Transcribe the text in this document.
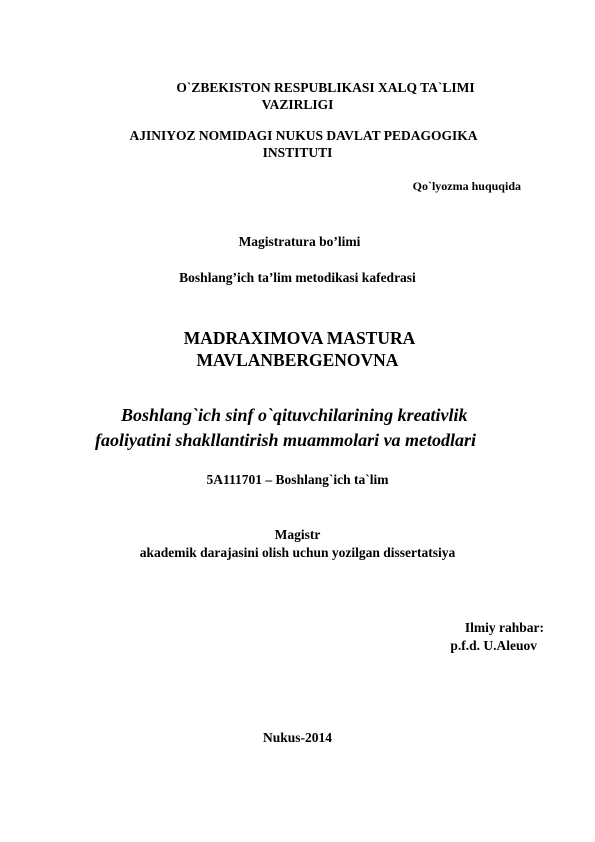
O`ZBEKISTON RESPUBLIKASI XALQ TA`LIMI
VAZIRLIGI
AJINIYOZ NOMIDAGI NUKUS DAVLAT PEDAGOGIKA
INSTITUTI
Qo`lyozma huquqida
Magistratura bo’limi
Boshlang’ich ta’lim metodikasi kafedrasi
MADRAXIMOVA MASTURA
MAVLANBERGENOVNA
Boshlang`ich sinf o`qituvchilarining kreativlik
faoliyatini shakllantirish muammolari va metodlari
5A111701 – Boshlang`ich ta`lim
Magistr
akademik darajasini olish uchun yozilgan dissertatsiya
Ilmiy rahbar:
p.f.d. U.Aleuov
Nukus-2014
